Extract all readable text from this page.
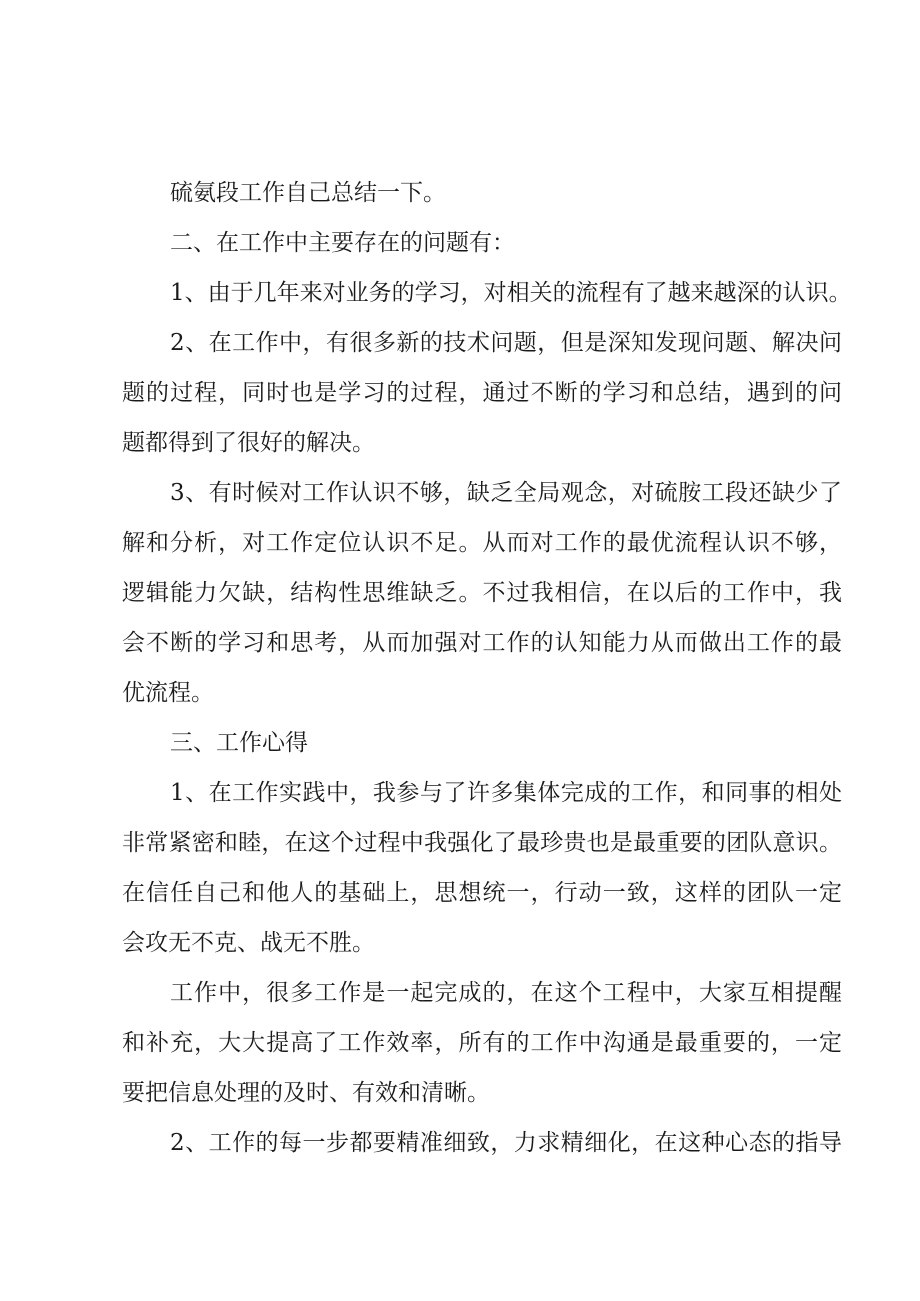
硫氨段工作自己总结一下。
二、在工作中主要存在的问题有：
1、由于几年来对业务的学习，对相关的流程有了越来越深的认识。
2、在工作中，有很多新的技术问题，但是深知发现问题、解决问
题的过程，同时也是学习的过程，通过不断的学习和总结，遇到的问
题都得到了很好的解决。
3、有时候对工作认识不够，缺乏全局观念，对硫胺工段还缺少了
解和分析，对工作定位认识不足。从而对工作的最优流程认识不够，
逻辑能力欠缺，结构性思维缺乏。不过我相信，在以后的工作中，我
会不断的学习和思考，从而加强对工作的认知能力从而做出工作的最
优流程。
三、工作心得
1、在工作实践中，我参与了许多集体完成的工作，和同事的相处
非常紧密和睦，在这个过程中我强化了最珍贵也是最重要的团队意识。
在信任自己和他人的基础上，思想统一，行动一致，这样的团队一定
会攻无不克、战无不胜。
工作中，很多工作是一起完成的，在这个工程中，大家互相提醒
和补充，大大提高了工作效率，所有的工作中沟通是最重要的，一定
要把信息处理的及时、有效和清晰。
2、工作的每一步都要精准细致，力求精细化，在这种心态的指导
